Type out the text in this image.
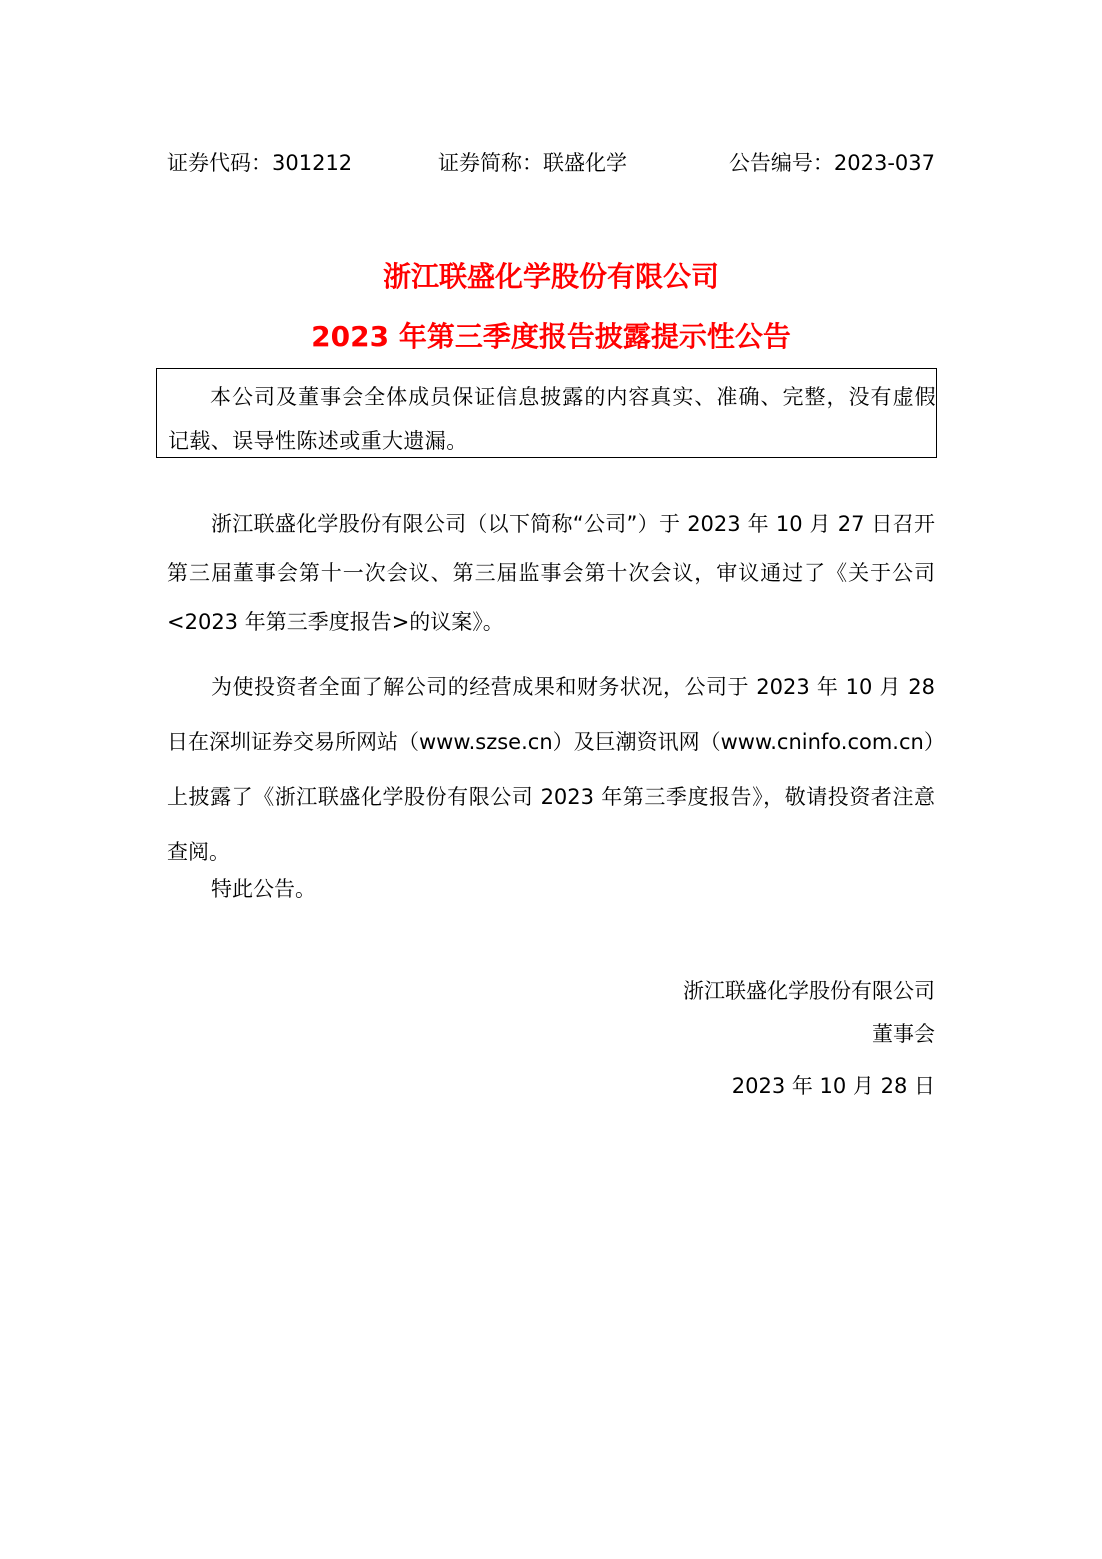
证券代码：301212	证券简称：联盛化学	公告编号：2023-037
浙江联盛化学股份有限公司
2023 年第三季度报告披露提示性公告
本公司及董事会全体成员保证信息披露的内容真实、准确、完整，没有虚假记载、误导性陈述或重大遗漏。
浙江联盛化学股份有限公司（以下简称“公司”）于 2023 年 10 月 27 日召开第三届董事会第十一次会议、第三届监事会第十次会议，审议通过了《关于公司<2023 年第三季度报告>的议案》。
为使投资者全面了解公司的经营成果和财务状况，公司于 2023 年 10 月 28 日在深圳证券交易所网站（www.szse.cn）及巨潮资讯网（www.cninfo.com.cn）上披露了《浙江联盛化学股份有限公司 2023 年第三季度报告》，敬请投资者注意查阅。
特此公告。
浙江联盛化学股份有限公司
董事会
2023 年 10 月 28 日
